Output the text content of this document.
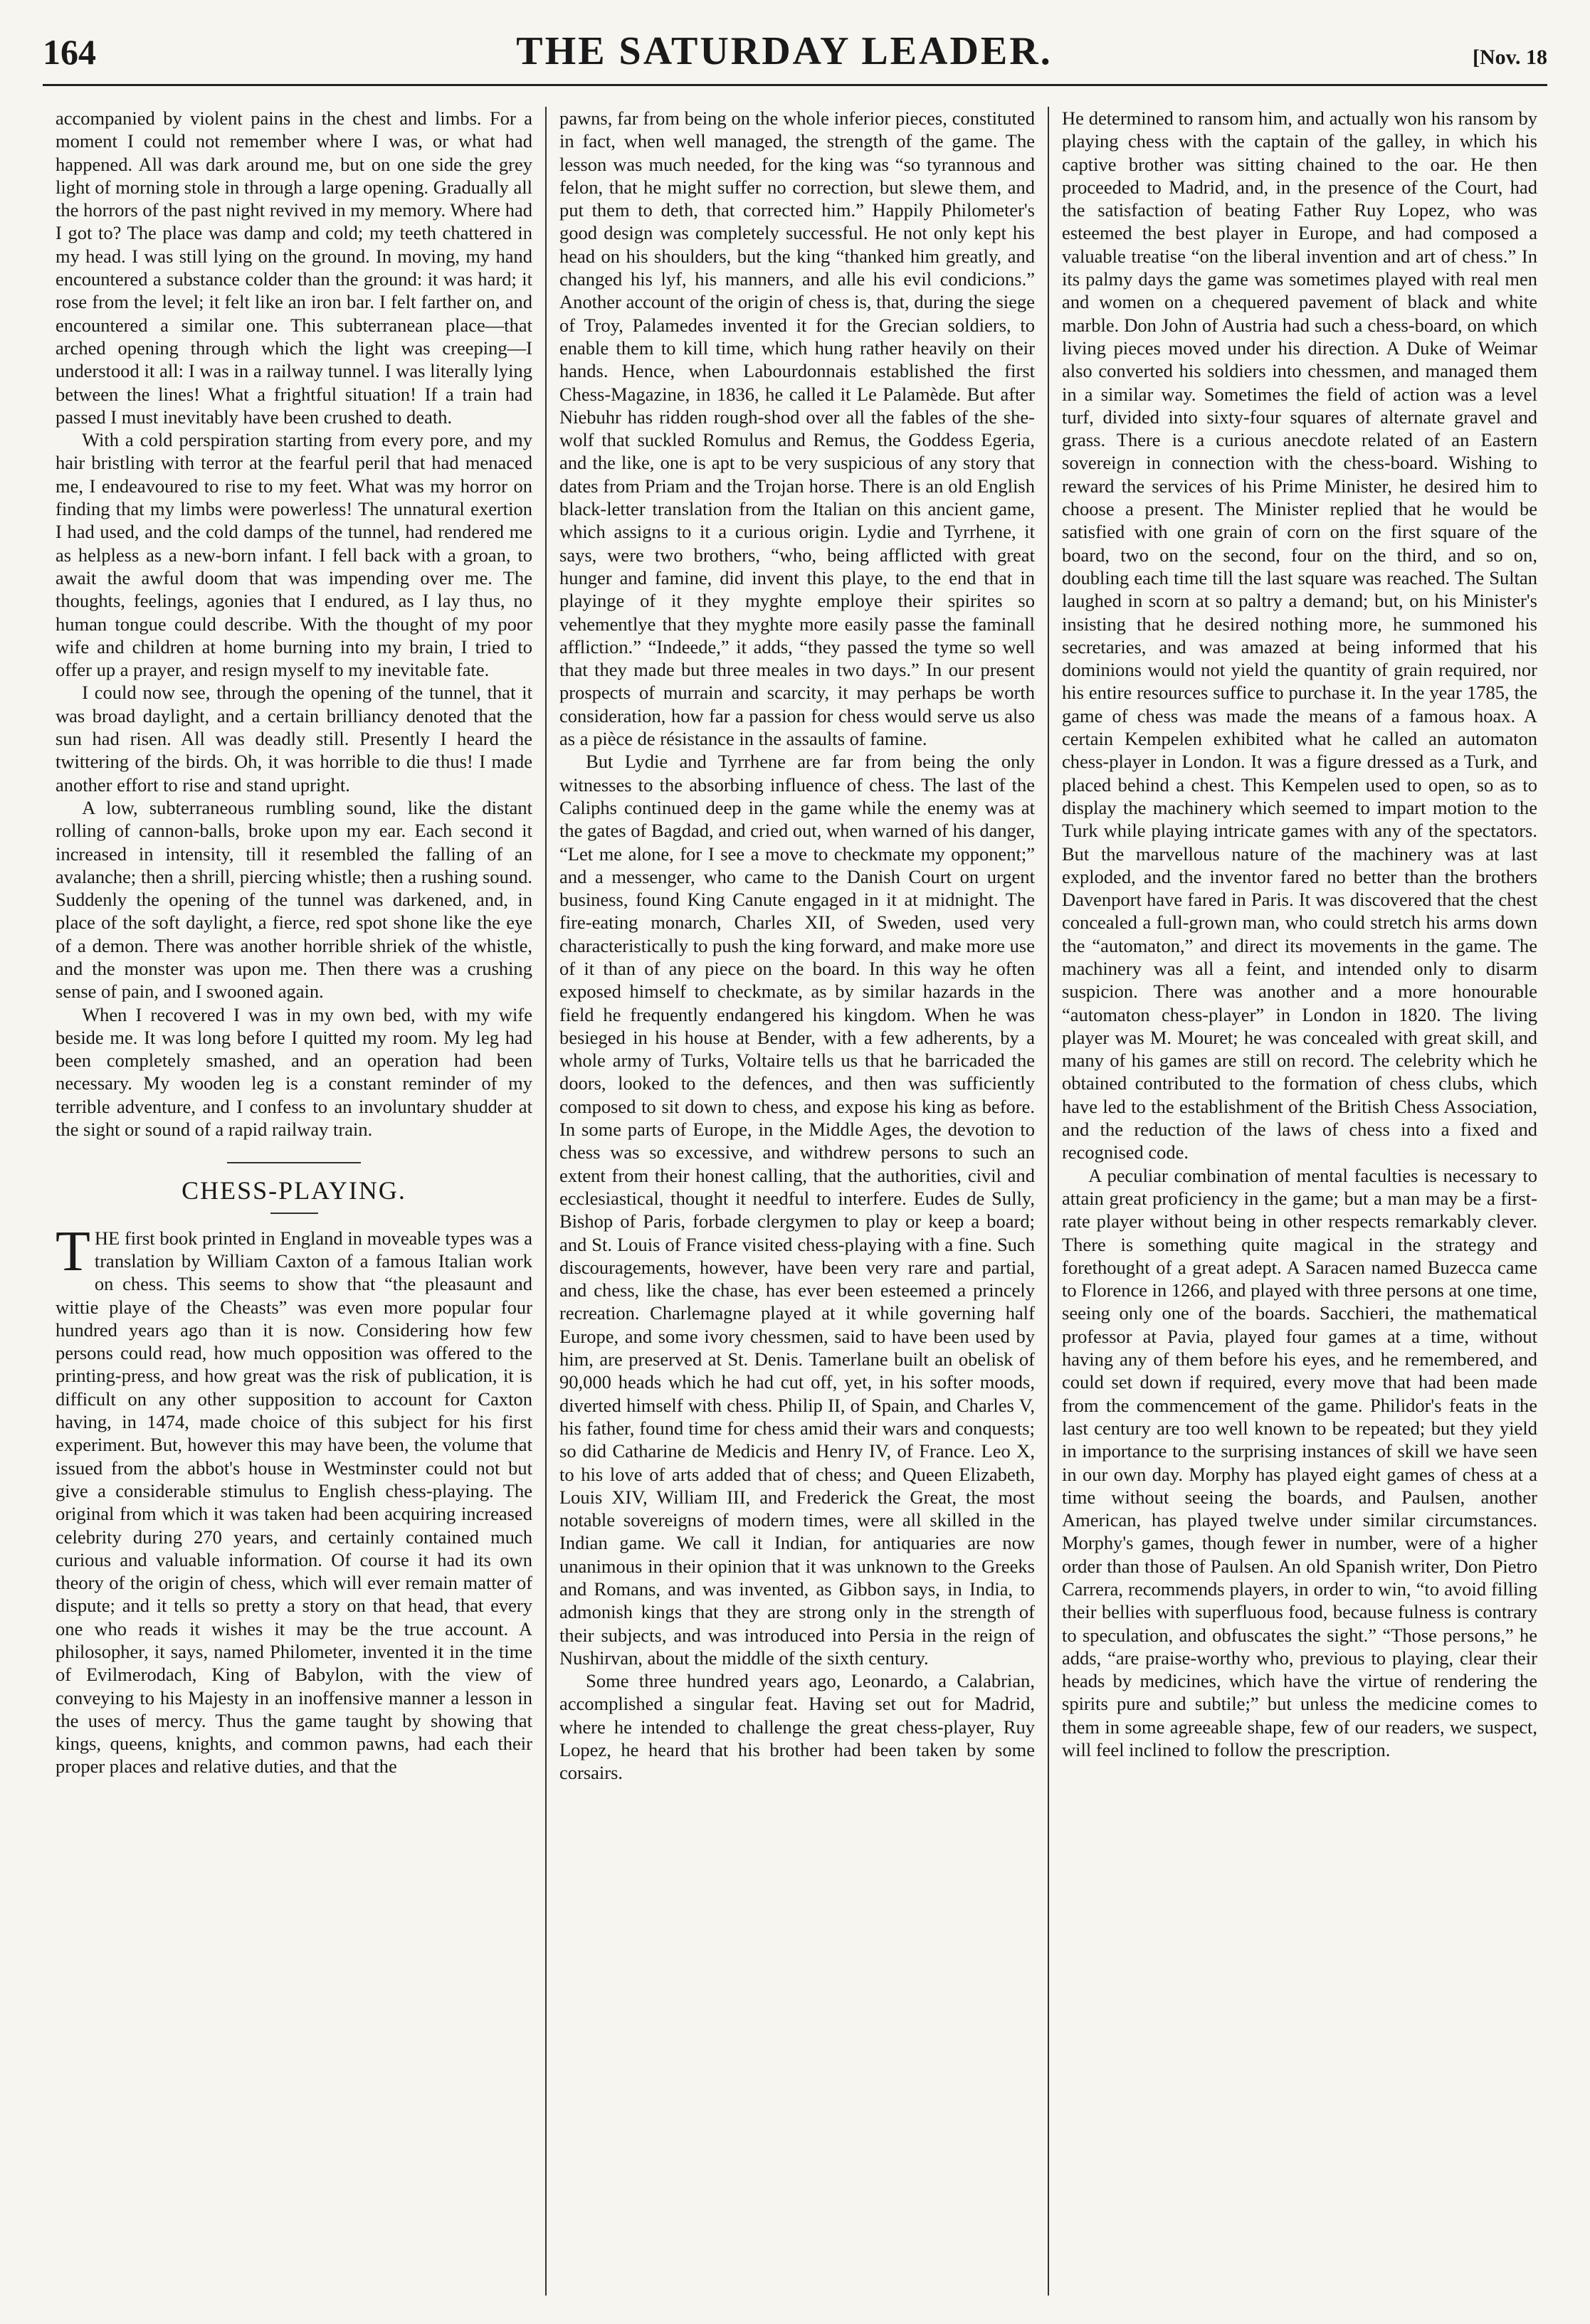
164	THE SATURDAY LEADER.	[Nov. 18

accompanied by violent pains in the chest and limbs. For a moment I could not remember where I was, or what had happened. All was dark around me, but on one side the grey light of morning stole in through a large opening. Gradually all the horrors of the past night revived in my memory. Where had I got to? The place was damp and cold; my teeth chattered in my head. I was still lying on the ground. In moving, my hand encountered a substance colder than the ground: it was hard; it rose from the level; it felt like an iron bar. I felt farther on, and encountered a similar one. This subterranean place—that arched opening through which the light was creeping—I understood it all: I was in a railway tunnel. I was literally lying between the lines! What a frightful situation! If a train had passed I must inevitably have been crushed to death.

With a cold perspiration starting from every pore, and my hair bristling with terror at the fearful peril that had menaced me, I endeavoured to rise to my feet. What was my horror on finding that my limbs were powerless! The unnatural exertion I had used, and the cold damps of the tunnel, had rendered me as helpless as a new-born infant. I fell back with a groan, to await the awful doom that was impending over me. The thoughts, feelings, agonies that I endured, as I lay thus, no human tongue could describe. With the thought of my poor wife and children at home burning into my brain, I tried to offer up a prayer, and resign myself to my inevitable fate.

I could now see, through the opening of the tunnel, that it was broad daylight, and a certain brilliancy denoted that the sun had risen. All was deadly still. Presently I heard the twittering of the birds. Oh, it was horrible to die thus! I made another effort to rise and stand upright.

A low, subterraneous rumbling sound, like the distant rolling of cannon-balls, broke upon my ear. Each second it increased in intensity, till it resembled the falling of an avalanche; then a shrill, piercing whistle; then a rushing sound. Suddenly the opening of the tunnel was darkened, and, in place of the soft daylight, a fierce, red spot shone like the eye of a demon. There was another horrible shriek of the whistle, and the monster was upon me. Then there was a crushing sense of pain, and I swooned again.

When I recovered I was in my own bed, with my wife beside me. It was long before I quitted my room. My leg had been completely smashed, and an operation had been necessary. My wooden leg is a constant reminder of my terrible adventure, and I confess to an involuntary shudder at the sight or sound of a rapid railway train.

CHESS-PLAYING.

THE first book printed in England in moveable types was a translation by William Caxton of a famous Italian work on chess. This seems to show that “the pleasaunt and wittie playe of the Cheasts” was even more popular four hundred years ago than it is now. Considering how few persons could read, how much opposition was offered to the printing-press, and how great was the risk of publication, it is difficult on any other supposition to account for Caxton having, in 1474, made choice of this subject for his first experiment. But, however this may have been, the volume that issued from the abbot's house in Westminster could not but give a considerable stimulus to English chess-playing. The original from which it was taken had been acquiring increased celebrity during 270 years, and certainly contained much curious and valuable information. Of course it had its own theory of the origin of chess, which will ever remain matter of dispute; and it tells so pretty a story on that head, that every one who reads it wishes it may be the true account. A philosopher, it says, named Philometer, invented it in the time of Evilmerodach, King of Babylon, with the view of conveying to his Majesty in an inoffensive manner a lesson in the uses of mercy. Thus the game taught by showing that kings, queens, knights, and common pawns, had each their proper places and relative duties, and that the

pawns, far from being on the whole inferior pieces, constituted in fact, when well managed, the strength of the game. The lesson was much needed, for the king was “so tyrannous and felon, that he might suffer no correction, but slewe them, and put them to deth, that corrected him.” Happily Philometer's good design was completely successful. He not only kept his head on his shoulders, but the king “thanked him greatly, and changed his lyf, his manners, and alle his evil condicions.” Another account of the origin of chess is, that, during the siege of Troy, Palamedes invented it for the Grecian soldiers, to enable them to kill time, which hung rather heavily on their hands. Hence, when Labourdonnais established the first Chess-Magazine, in 1836, he called it Le Palamède. But after Niebuhr has ridden rough-shod over all the fables of the she-wolf that suckled Romulus and Remus, the Goddess Egeria, and the like, one is apt to be very suspicious of any story that dates from Priam and the Trojan horse. There is an old English black-letter translation from the Italian on this ancient game, which assigns to it a curious origin. Lydie and Tyrrhene, it says, were two brothers, “who, being afflicted with great hunger and famine, did invent this playe, to the end that in playinge of it they myghte employe their spirites so vehementlye that they myghte more easily passe the faminall affliction.” “Indeede,” it adds, “they passed the tyme so well that they made but three meales in two days.” In our present prospects of murrain and scarcity, it may perhaps be worth consideration, how far a passion for chess would serve us also as a pièce de résistance in the assaults of famine.

But Lydie and Tyrrhene are far from being the only witnesses to the absorbing influence of chess. The last of the Caliphs continued deep in the game while the enemy was at the gates of Bagdad, and cried out, when warned of his danger, “Let me alone, for I see a move to checkmate my opponent;” and a messenger, who came to the Danish Court on urgent business, found King Canute engaged in it at midnight. The fire-eating monarch, Charles XII, of Sweden, used very characteristically to push the king forward, and make more use of it than of any piece on the board. In this way he often exposed himself to checkmate, as by similar hazards in the field he frequently endangered his kingdom. When he was besieged in his house at Bender, with a few adherents, by a whole army of Turks, Voltaire tells us that he barricaded the doors, looked to the defences, and then was sufficiently composed to sit down to chess, and expose his king as before. In some parts of Europe, in the Middle Ages, the devotion to chess was so excessive, and withdrew persons to such an extent from their honest calling, that the authorities, civil and ecclesiastical, thought it needful to interfere. Eudes de Sully, Bishop of Paris, forbade clergymen to play or keep a board; and St. Louis of France visited chess-playing with a fine. Such discouragements, however, have been very rare and partial, and chess, like the chase, has ever been esteemed a princely recreation. Charlemagne played at it while governing half Europe, and some ivory chessmen, said to have been used by him, are preserved at St. Denis. Tamerlane built an obelisk of 90,000 heads which he had cut off, yet, in his softer moods, diverted himself with chess. Philip II, of Spain, and Charles V, his father, found time for chess amid their wars and conquests; so did Catharine de Medicis and Henry IV, of France. Leo X, to his love of arts added that of chess; and Queen Elizabeth, Louis XIV, William III, and Frederick the Great, the most notable sovereigns of modern times, were all skilled in the Indian game. We call it Indian, for antiquaries are now unanimous in their opinion that it was unknown to the Greeks and Romans, and was invented, as Gibbon says, in India, to admonish kings that they are strong only in the strength of their subjects, and was introduced into Persia in the reign of Nushirvan, about the middle of the sixth century.

Some three hundred years ago, Leonardo, a Calabrian, accomplished a singular feat. Having set out for Madrid, where he intended to challenge the great chess-player, Ruy Lopez, he heard that his brother had been taken by some corsairs.

He determined to ransom him, and actually won his ransom by playing chess with the captain of the galley, in which his captive brother was sitting chained to the oar. He then proceeded to Madrid, and, in the presence of the Court, had the satisfaction of beating Father Ruy Lopez, who was esteemed the best player in Europe, and had composed a valuable treatise “on the liberal invention and art of chess.” In its palmy days the game was sometimes played with real men and women on a chequered pavement of black and white marble. Don John of Austria had such a chess-board, on which living pieces moved under his direction. A Duke of Weimar also converted his soldiers into chessmen, and managed them in a similar way. Sometimes the field of action was a level turf, divided into sixty-four squares of alternate gravel and grass. There is a curious anecdote related of an Eastern sovereign in connection with the chess-board. Wishing to reward the services of his Prime Minister, he desired him to choose a present. The Minister replied that he would be satisfied with one grain of corn on the first square of the board, two on the second, four on the third, and so on, doubling each time till the last square was reached. The Sultan laughed in scorn at so paltry a demand; but, on his Minister's insisting that he desired nothing more, he summoned his secretaries, and was amazed at being informed that his dominions would not yield the quantity of grain required, nor his entire resources suffice to purchase it. In the year 1785, the game of chess was made the means of a famous hoax. A certain Kempelen exhibited what he called an automaton chess-player in London. It was a figure dressed as a Turk, and placed behind a chest. This Kempelen used to open, so as to display the machinery which seemed to impart motion to the Turk while playing intricate games with any of the spectators. But the marvellous nature of the machinery was at last exploded, and the inventor fared no better than the brothers Davenport have fared in Paris. It was discovered that the chest concealed a full-grown man, who could stretch his arms down the “automaton,” and direct its movements in the game. The machinery was all a feint, and intended only to disarm suspicion. There was another and a more honourable “automaton chess-player” in London in 1820. The living player was M. Mouret; he was concealed with great skill, and many of his games are still on record. The celebrity which he obtained contributed to the formation of chess clubs, which have led to the establishment of the British Chess Association, and the reduction of the laws of chess into a fixed and recognised code.

A peculiar combination of mental faculties is necessary to attain great proficiency in the game; but a man may be a first-rate player without being in other respects remarkably clever. There is something quite magical in the strategy and forethought of a great adept. A Saracen named Buzecca came to Florence in 1266, and played with three persons at one time, seeing only one of the boards. Sacchieri, the mathematical professor at Pavia, played four games at a time, without having any of them before his eyes, and he remembered, and could set down if required, every move that had been made from the commencement of the game. Philidor's feats in the last century are too well known to be repeated; but they yield in importance to the surprising instances of skill we have seen in our own day. Morphy has played eight games of chess at a time without seeing the boards, and Paulsen, another American, has played twelve under similar circumstances. Morphy's games, though fewer in number, were of a higher order than those of Paulsen. An old Spanish writer, Don Pietro Carrera, recommends players, in order to win, “to avoid filling their bellies with superfluous food, because fulness is contrary to speculation, and obfuscates the sight.” “Those persons,” he adds, “are praise-worthy who, previous to playing, clear their heads by medicines, which have the virtue of rendering the spirits pure and subtile;” but unless the medicine comes to them in some agreeable shape, few of our readers, we suspect, will feel inclined to follow the prescription.
